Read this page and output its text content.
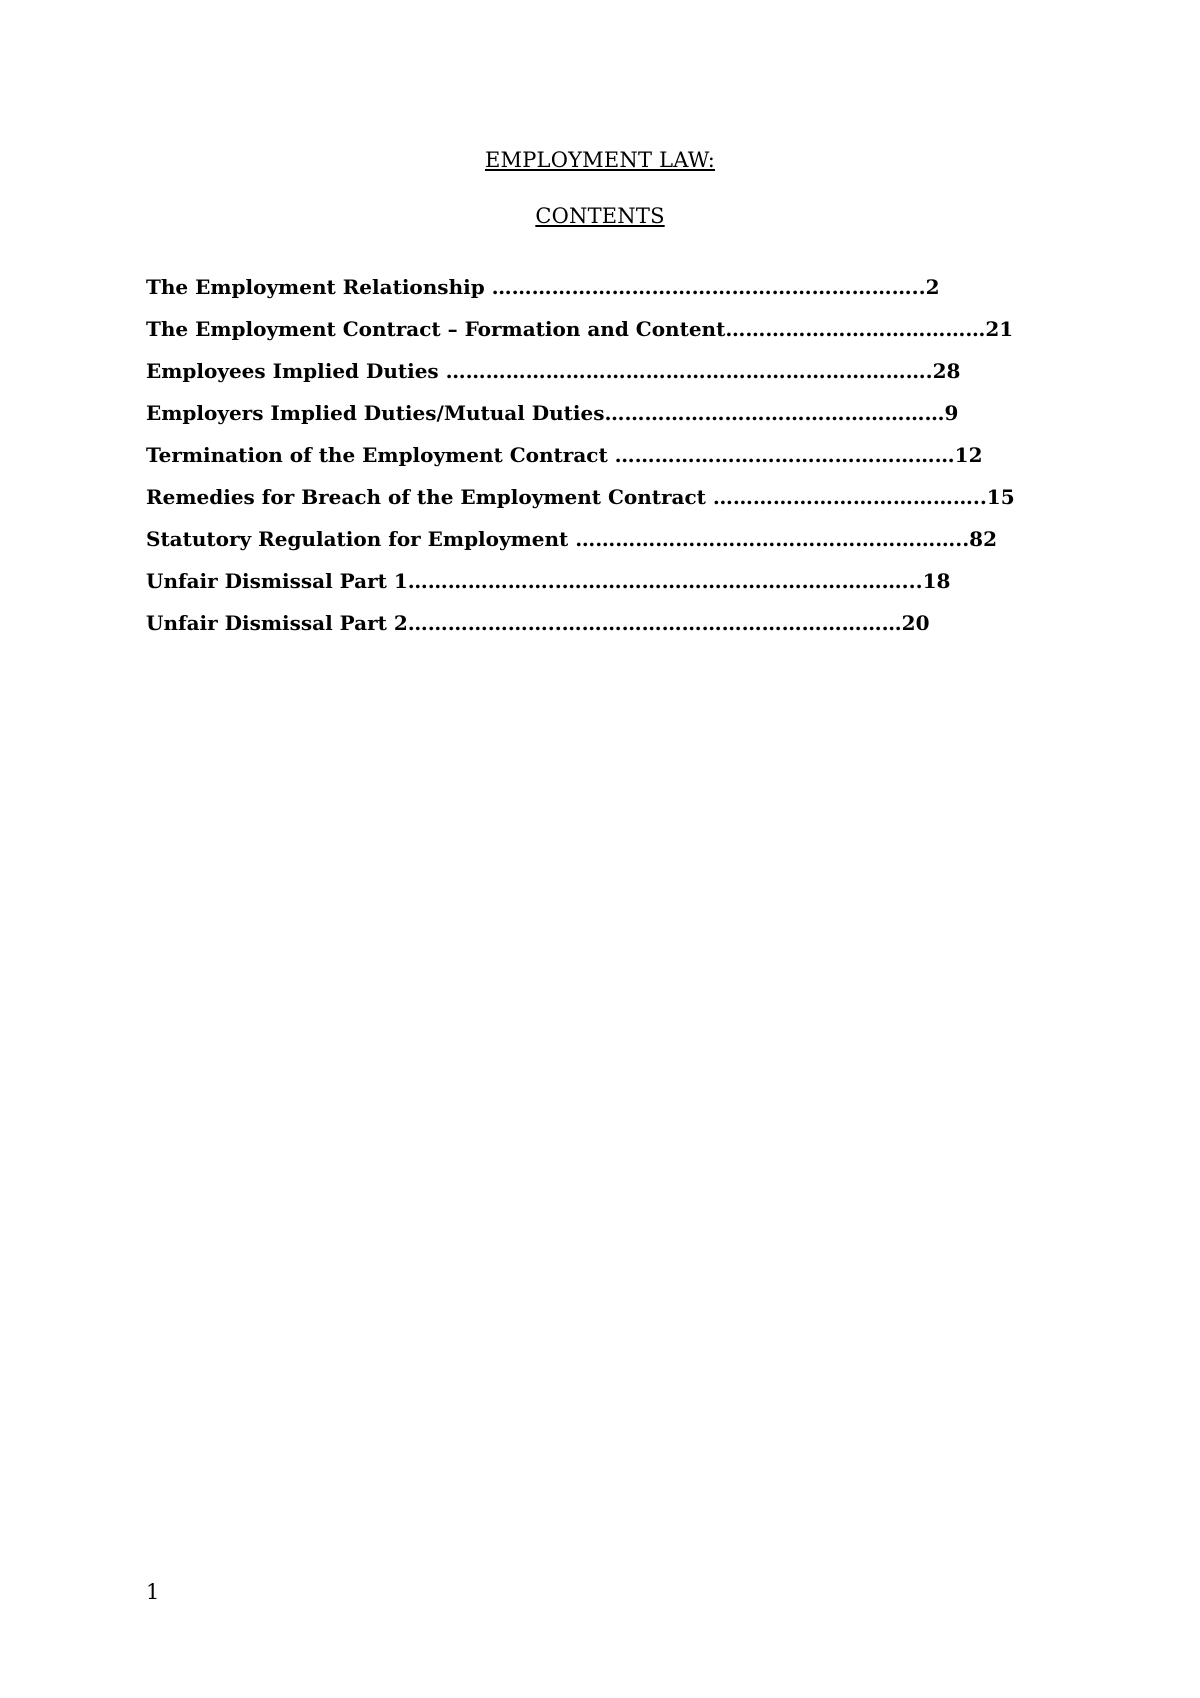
EMPLOYMENT LAW:
CONTENTS
The Employment Relationship ………………………………………………………..2
The Employment Contract – Formation and Content…………………………………21
Employees Implied Duties ……………………………………………………………….28
Employers Implied Duties/Mutual Duties……………………………………………9
Termination of the Employment Contract ……………………………………………12
Remedies for Breach of the Employment Contract …………………………………..15
Statutory Regulation for Employment …………………………………………………..82
Unfair Dismissal Part 1…………………..……………………………………………...18
Unfair Dismissal Part 2…………………..……………………………………………20
1
